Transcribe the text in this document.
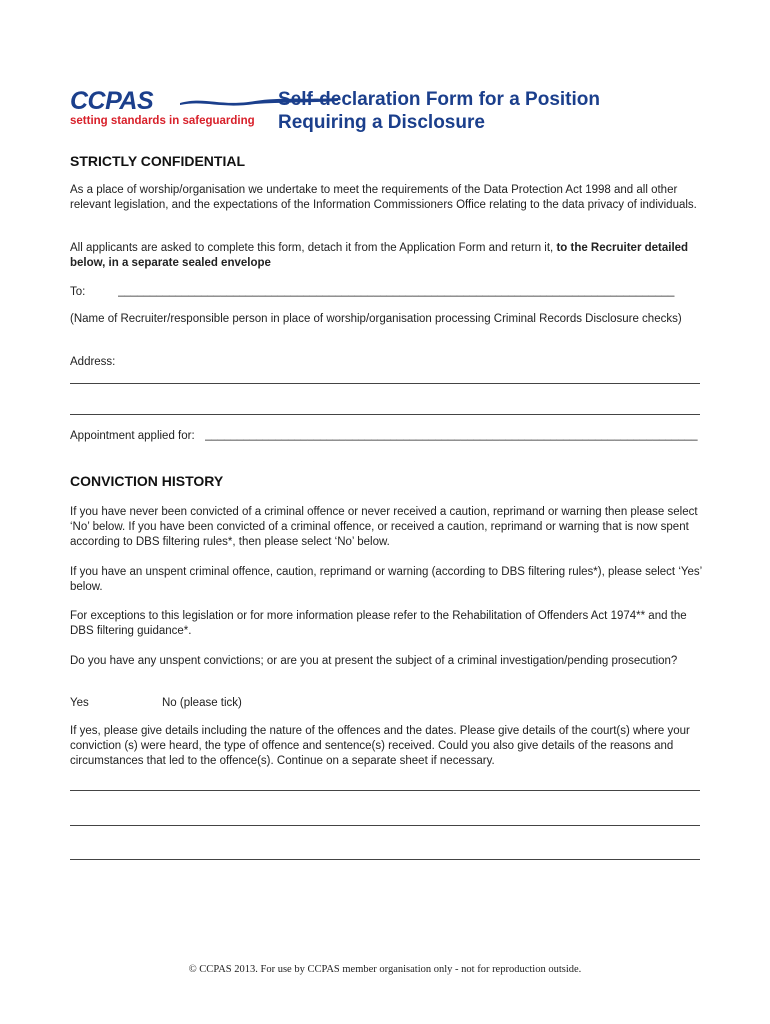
CCPAS
setting standards in safeguarding
Self-declaration Form for a Position
Requiring a Disclosure
STRICTLY CONFIDENTIAL
As a place of worship/organisation we undertake to meet the requirements of the Data Protection Act 1998 and all other relevant legislation, and the expectations of the Information Commissioners Office relating to the data privacy of individuals.
All applicants are asked to complete this form, detach it from the Application Form and return it, to the Recruiter detailed below, in a separate sealed envelope
To:	_______________________________________________________________________________________
(Name of Recruiter/responsible person in place of worship/organisation processing Criminal Records Disclosure checks)
Address:
Appointment applied for: _____________________________________________________________________________
CONVICTION HISTORY
If you have never been convicted of a criminal offence or never received a caution, reprimand or warning then please select ‘No’ below. If you have been convicted of a criminal offence, or received a caution, reprimand or warning that is now spent according to DBS filtering rules*, then please select ‘No’ below.
If you have an unspent criminal offence, caution, reprimand or warning (according to DBS filtering rules*), please select ‘Yes’ below.
For exceptions to this legislation or for more information please refer to the Rehabilitation of Offenders Act 1974** and the DBS filtering guidance*.
Do you have any unspent convictions; or are you at present the subject of a criminal investigation/pending prosecution?
Yes	No (please tick)
If yes, please give details including the nature of the offences and the dates. Please give details of the court(s) where your conviction (s) were heard, the type of offence and sentence(s) received. Could you also give details of the reasons and circumstances that led to the offence(s). Continue on a separate sheet if necessary.
© CCPAS 2013. For use by CCPAS member organisation only - not for reproduction outside.
